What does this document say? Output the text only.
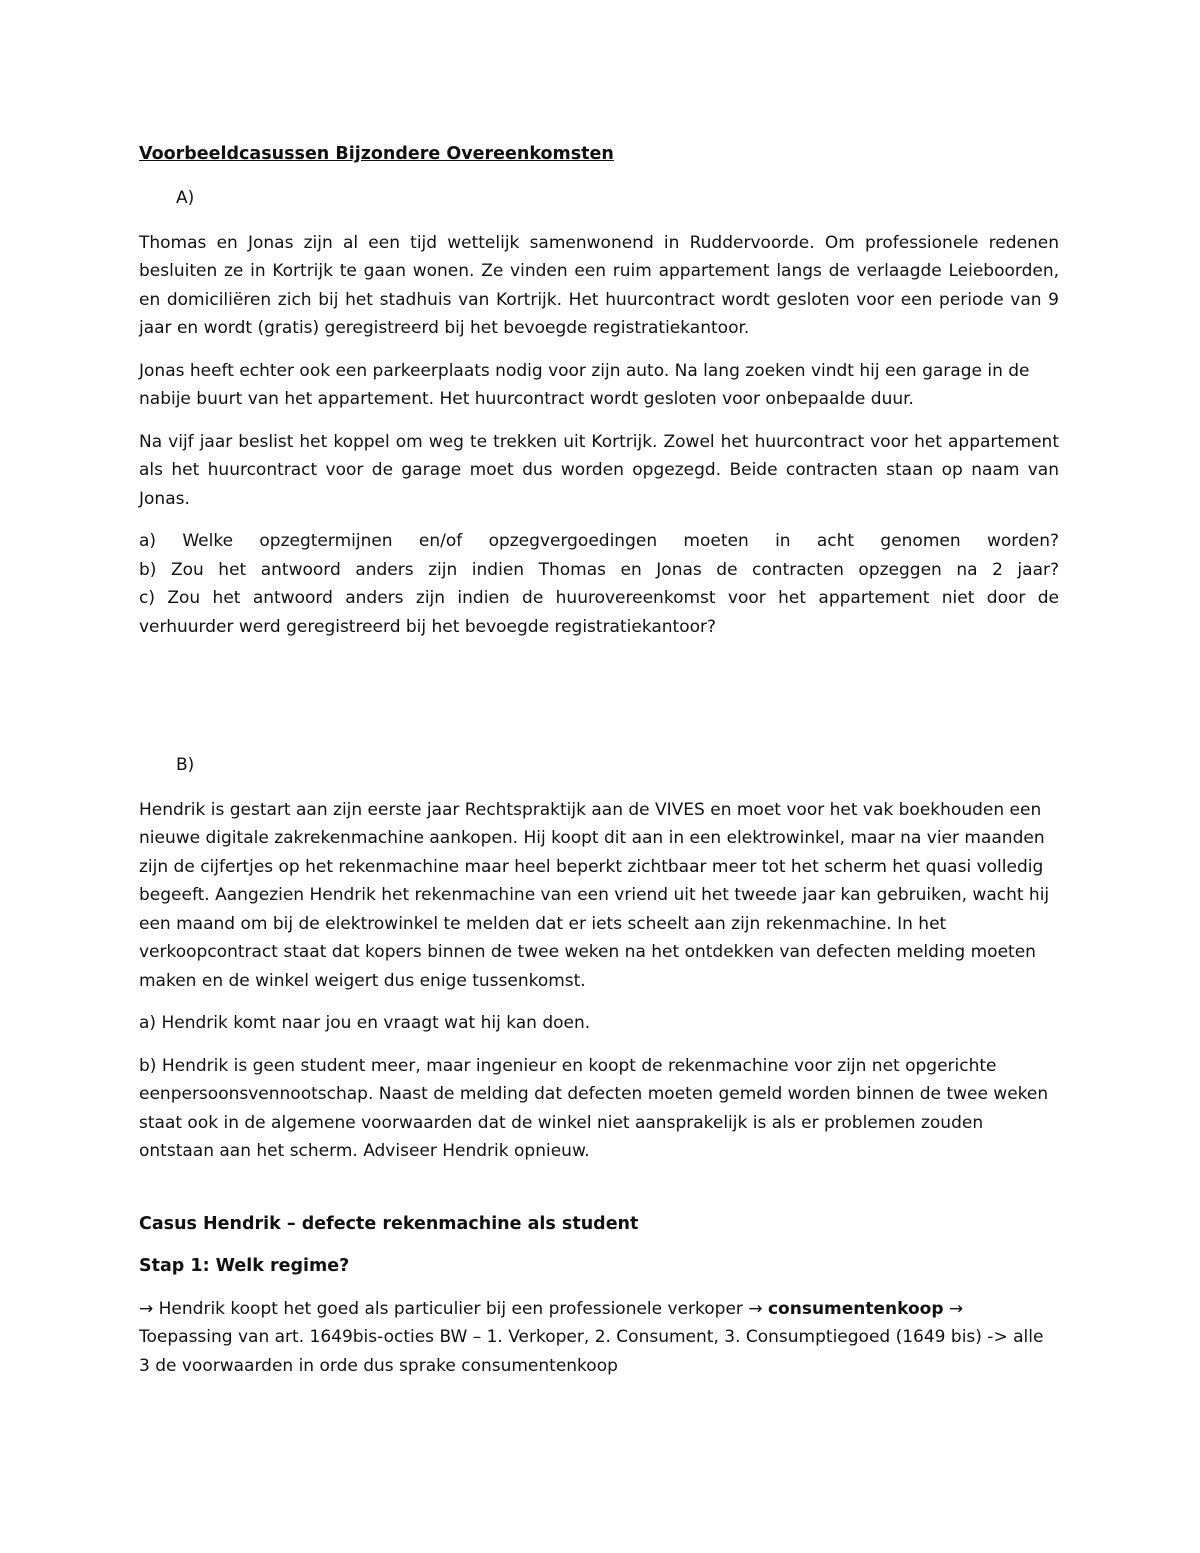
Voorbeeldcasussen Bijzondere Overeenkomsten
A)

Thomas en Jonas zijn al een tijd wettelijk samenwonend in Ruddervoorde. Om professionele redenen besluiten ze in Kortrijk te gaan wonen. Ze vinden een ruim appartement langs de verlaagde Leieboorden, en domiciliëren zich bij het stadhuis van Kortrijk. Het huurcontract wordt gesloten voor een periode van 9 jaar en wordt (gratis) geregistreerd bij het bevoegde registratiekantoor.

Jonas heeft echter ook een parkeerplaats nodig voor zijn auto. Na lang zoeken vindt hij een garage in de nabije buurt van het appartement. Het huurcontract wordt gesloten voor onbepaalde duur.

Na vijf jaar beslist het koppel om weg te trekken uit Kortrijk. Zowel het huurcontract voor het appartement als het huurcontract voor de garage moet dus worden opgezegd. Beide contracten staan op naam van Jonas.

a) Welke opzegtermijnen en/of opzegvergoedingen moeten in acht genomen worden?
b) Zou het antwoord anders zijn indien Thomas en Jonas de contracten opzeggen na 2 jaar?
c) Zou het antwoord anders zijn indien de huurovereenkomst voor het appartement niet door de verhuurder werd geregistreerd bij het bevoegde registratiekantoor?
B)

Hendrik is gestart aan zijn eerste jaar Rechtspraktijk aan de VIVES en moet voor het vak boekhouden een nieuwe digitale zakrekenmachine aankopen. Hij koopt dit aan in een elektrowinkel, maar na vier maanden zijn de cijfertjes op het rekenmachine maar heel beperkt zichtbaar meer tot het scherm het quasi volledig begeeft. Aangezien Hendrik het rekenmachine van een vriend uit het tweede jaar kan gebruiken, wacht hij een maand om bij de elektrowinkel te melden dat er iets scheelt aan zijn rekenmachine. In het verkoopcontract staat dat kopers binnen de twee weken na het ontdekken van defecten melding moeten maken en de winkel weigert dus enige tussenkomst.

a) Hendrik komt naar jou en vraagt wat hij kan doen.

b) Hendrik is geen student meer, maar ingenieur en koopt de rekenmachine voor zijn net opgerichte eenpersoonsvennootschap. Naast de melding dat defecten moeten gemeld worden binnen de twee weken staat ook in de algemene voorwaarden dat de winkel niet aansprakelijk is als er problemen zouden ontstaan aan het scherm. Adviseer Hendrik opnieuw.

Casus Hendrik – defecte rekenmachine als student
Stap 1: Welk regime?

→ Hendrik koopt het goed als particulier bij een professionele verkoper → consumentenkoop → Toepassing van art. 1649bis-octies BW – 1. Verkoper, 2. Consument, 3. Consumptiegoed (1649 bis) -> alle 3 de voorwaarden in orde dus sprake consumentenkoop
